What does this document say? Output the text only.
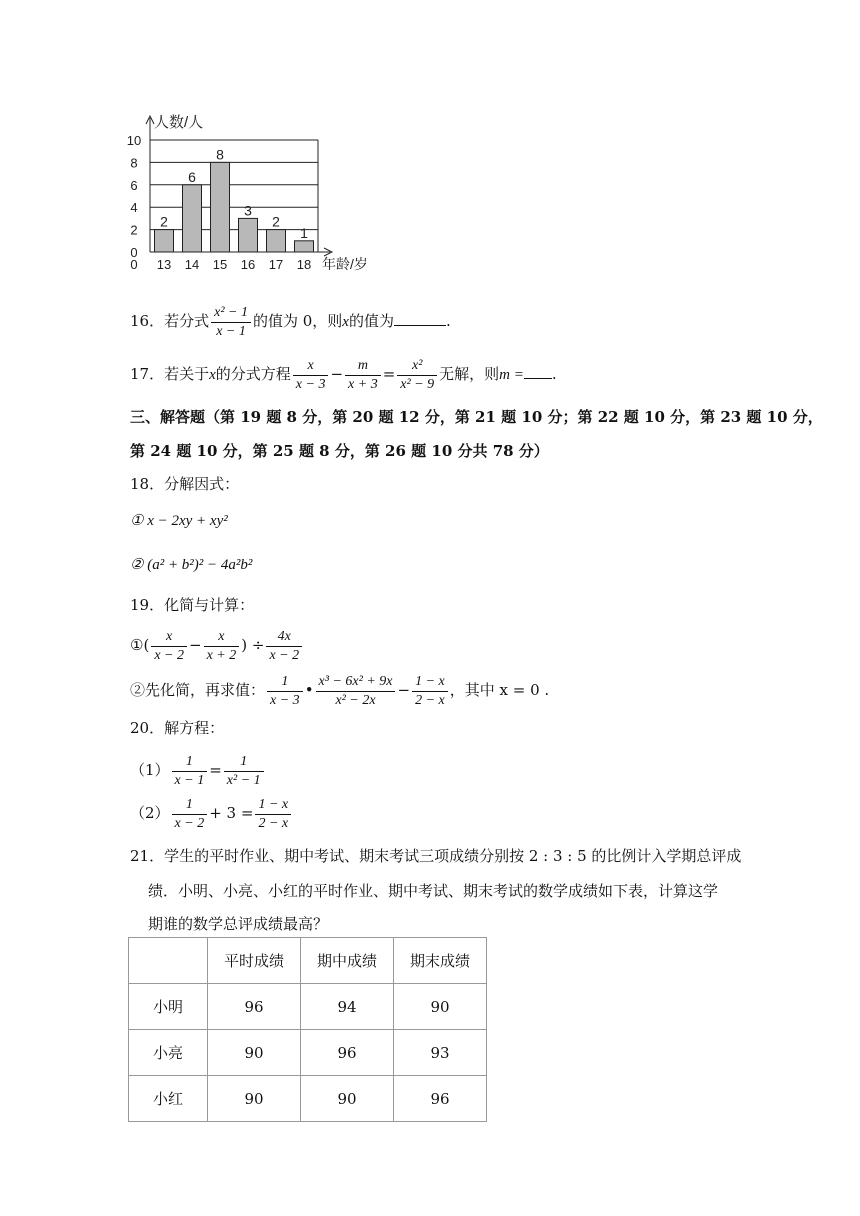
0
2
4
6
8
10
人数/人
年龄/岁
2
13
6
14
8
15
3
16
2
17
1
18
0
16．若分式 $\frac{\text{x² − 1}}{x - 1}$ 的值为 0，则x的值为	.
17．若关于x的分式方程 $\frac{x}{x - 3} - \frac{m}{x + 3} = \frac{\text{x²}}{\text{x² − 9}}$ 无解，则m = .
三、解答题（第 19 题 8 分，第 20 题 12 分，第 21 题 10 分；第 22 题 10 分，第 23 题 10 分，
第 24 题 10 分，第 25 题 8 分，第 26 题 10 分共 78 分）
18．分解因式：
① x − 2xy + xy²
② (a² + b²)² − 4a²b²
19．化简与计算：
①( $\frac{x}{x - 2} - \frac{x}{x + 2}$ ) ÷ $\frac{4x}{x - 2}$
②先化简，再求值： $\frac{1}{x - 3}$ • $\frac{\text{x³ − 6x² + 9x}}{\text{x² − 2x}} - \frac{1 - x}{2 - x}$ ，其中 x = 0 .
20．解方程：
$(1) \frac{1}{x - 1} = \frac{1}{\text{x² − 1}}$
$(2) \frac{1}{x - 2} + 3 = \frac{1 - x}{2 - x}$
21．学生的平时作业、期中考试、期末考试三项成绩分别按 2 : 3 : 5 的比例计入学期总评成
绩．小明、小亮、小红的平时作业、期中考试、期末考试的数学成绩如下表，计算这学
期谁的数学总评成绩最高？
	平时成绩	期中成绩	期末成绩
小明	96	94	90
小亮	90	96	93
小红	90	90	96
